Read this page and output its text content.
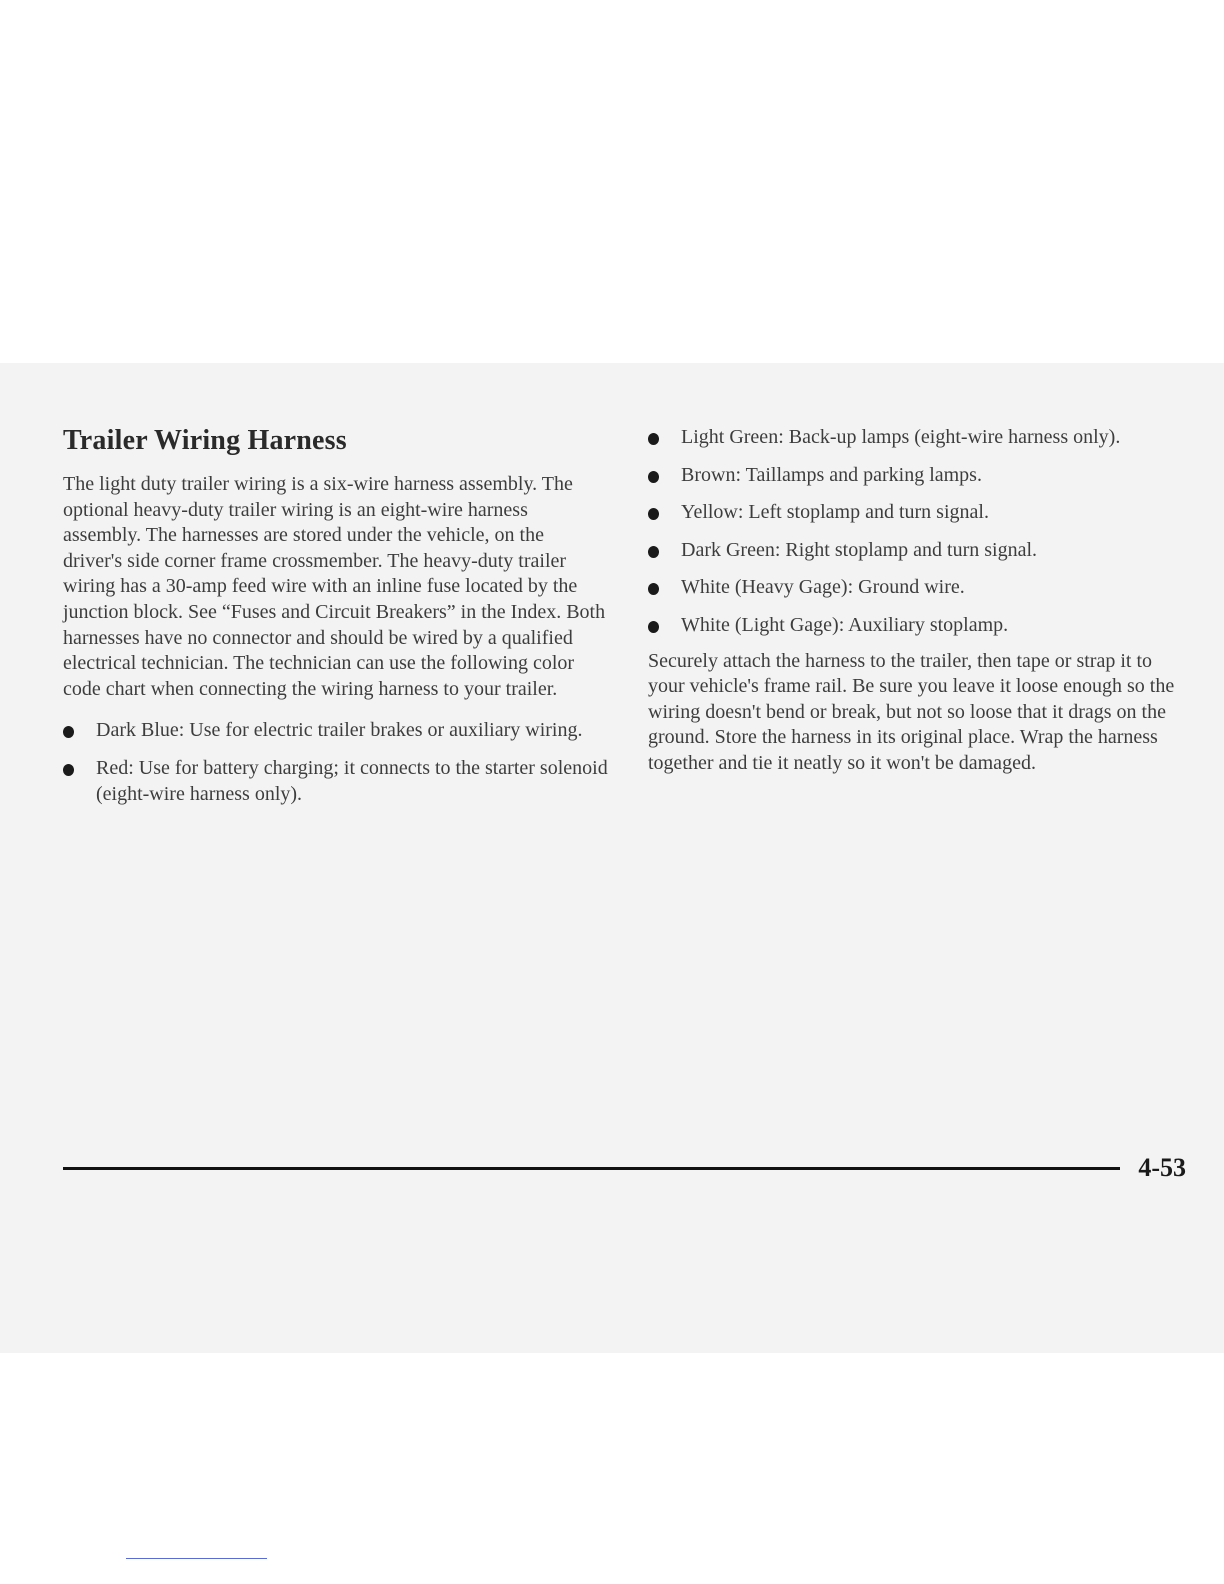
Trailer Wiring Harness

The light duty trailer wiring is a six-wire harness assembly. The optional heavy-duty trailer wiring is an eight-wire harness assembly. The harnesses are stored under the vehicle, on the driver's side corner frame crossmember. The heavy-duty trailer wiring has a 30-amp feed wire with an inline fuse located by the junction block. See “Fuses and Circuit Breakers” in the Index. Both harnesses have no connector and should be wired by a qualified electrical technician. The technician can use the following color code chart when connecting the wiring harness to your trailer.

Dark Blue: Use for electric trailer brakes or auxiliary wiring.
Red: Use for battery charging; it connects to the starter solenoid (eight-wire harness only).
Light Green: Back-up lamps (eight-wire harness only).
Brown: Taillamps and parking lamps.
Yellow: Left stoplamp and turn signal.
Dark Green: Right stoplamp and turn signal.
White (Heavy Gage): Ground wire.
White (Light Gage): Auxiliary stoplamp.

Securely attach the harness to the trailer, then tape or strap it to your vehicle's frame rail. Be sure you leave it loose enough so the wiring doesn't bend or break, but not so loose that it drags on the ground. Store the harness in its original place. Wrap the harness together and tie it neatly so it won't be damaged.

4-53
